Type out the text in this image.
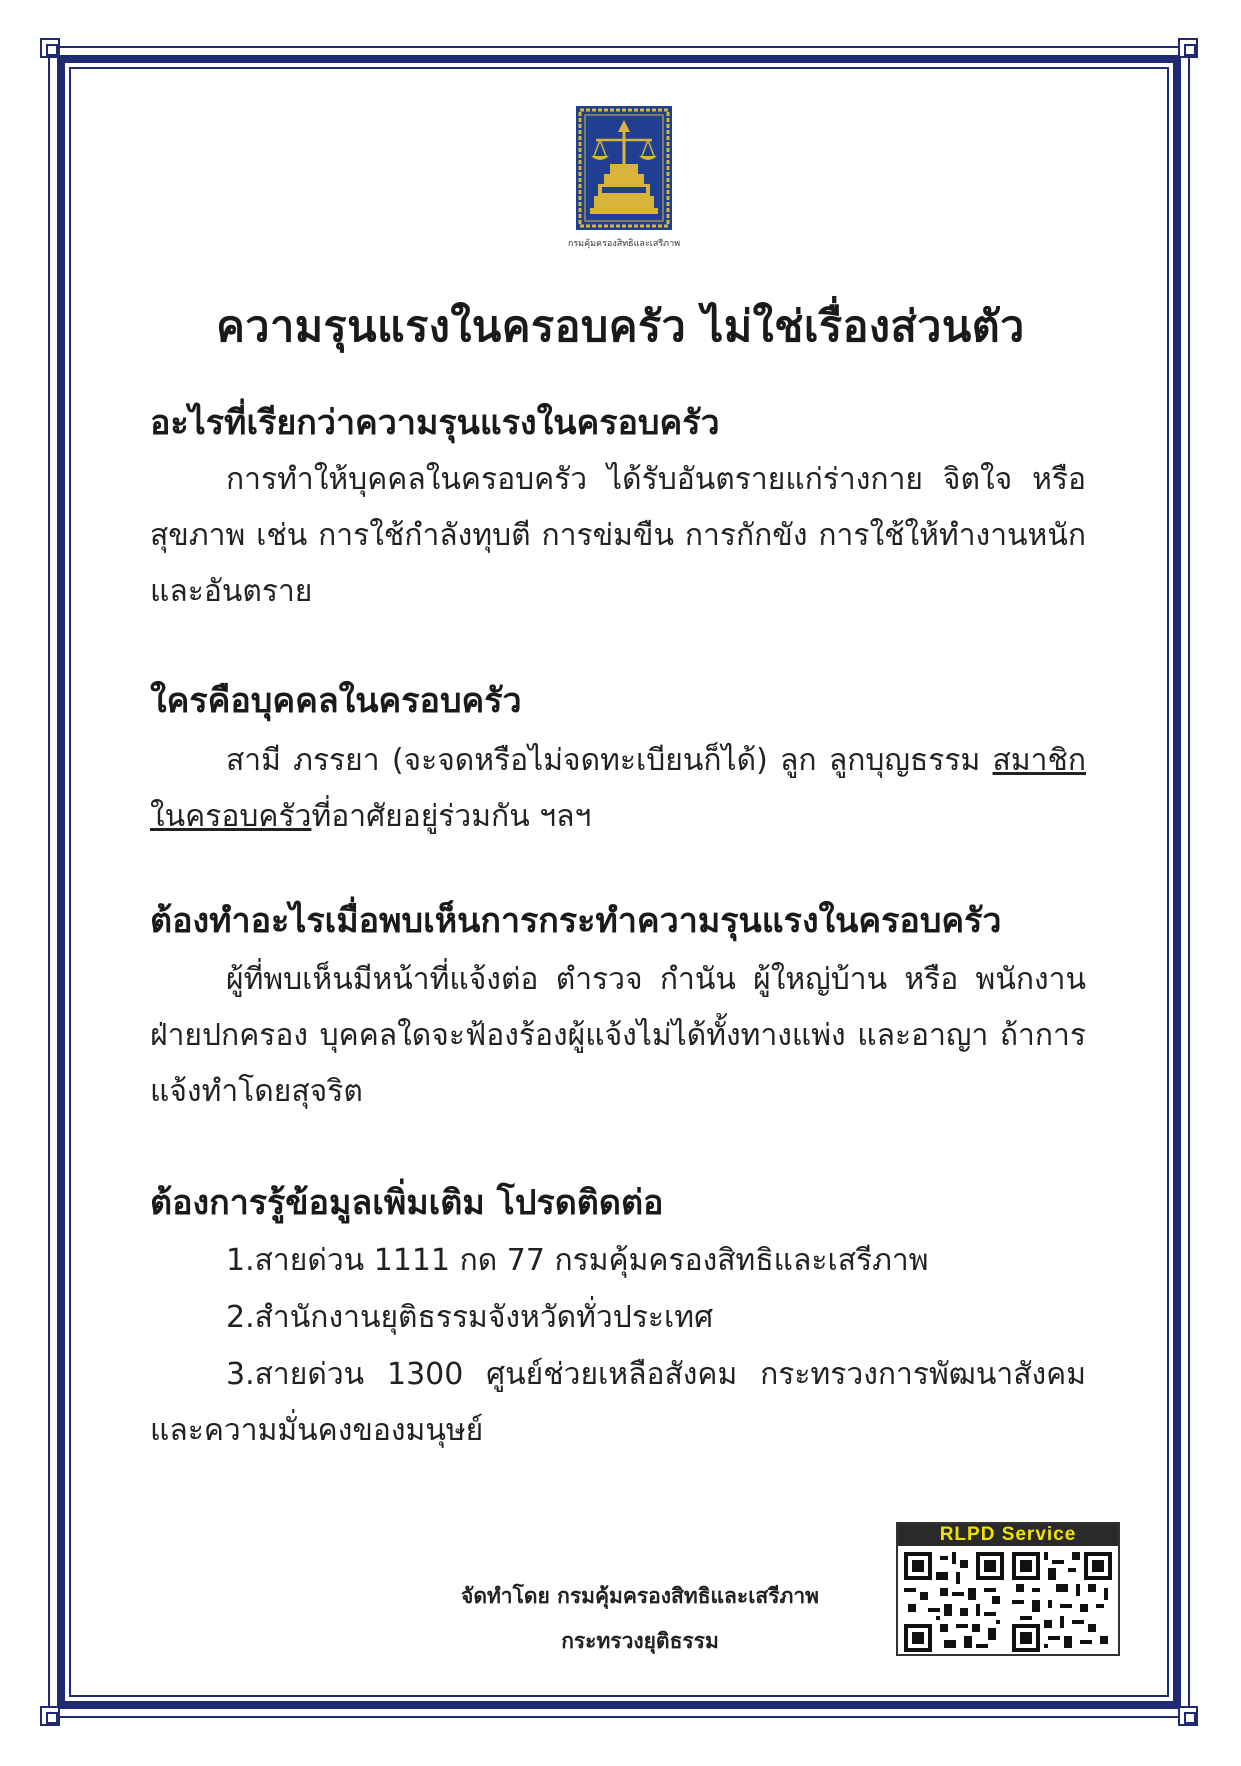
กรมคุ้มครองสิทธิและเสรีภาพ
ความรุนแรงในครอบครัว ไม่ใช่เรื่องส่วนตัว
อะไรที่เรียกว่าความรุนแรงในครอบครัว
การทำให้บุคคลในครอบครัว ได้รับอันตรายแก่ร่างกาย จิตใจ หรือ สุขภาพ เช่น การใช้กำลังทุบตี การข่มขืน การกักขัง การใช้ให้ทำงานหนักและอันตราย
ใครคือบุคคลในครอบครัว
สามี ภรรยา (จะจดหรือไม่จดทะเบียนก็ได้) ลูก ลูกบุญธรรม สมาชิกในครอบครัวที่อาศัยอยู่ร่วมกัน ฯลฯ
ต้องทำอะไรเมื่อพบเห็นการกระทำความรุนแรงในครอบครัว
ผู้ที่พบเห็นมีหน้าที่แจ้งต่อ ตำรวจ กำนัน ผู้ใหญ่บ้าน หรือ พนักงานฝ่ายปกครอง บุคคลใดจะฟ้องร้องผู้แจ้งไม่ได้ทั้งทางแพ่ง และอาญา ถ้าการแจ้งทำโดยสุจริต
ต้องการรู้ข้อมูลเพิ่มเติม โปรดติดต่อ
1.สายด่วน 1111 กด 77 กรมคุ้มครองสิทธิและเสรีภาพ
2.สำนักงานยุติธรรมจังหวัดทั่วประเทศ
3.สายด่วน 1300 ศูนย์ช่วยเหลือสังคม กระทรวงการพัฒนาสังคมและความมั่นคงของมนุษย์
จัดทำโดย กรมคุ้มครองสิทธิและเสรีภาพ
กระทรวงยุติธรรม
RLPD Service
